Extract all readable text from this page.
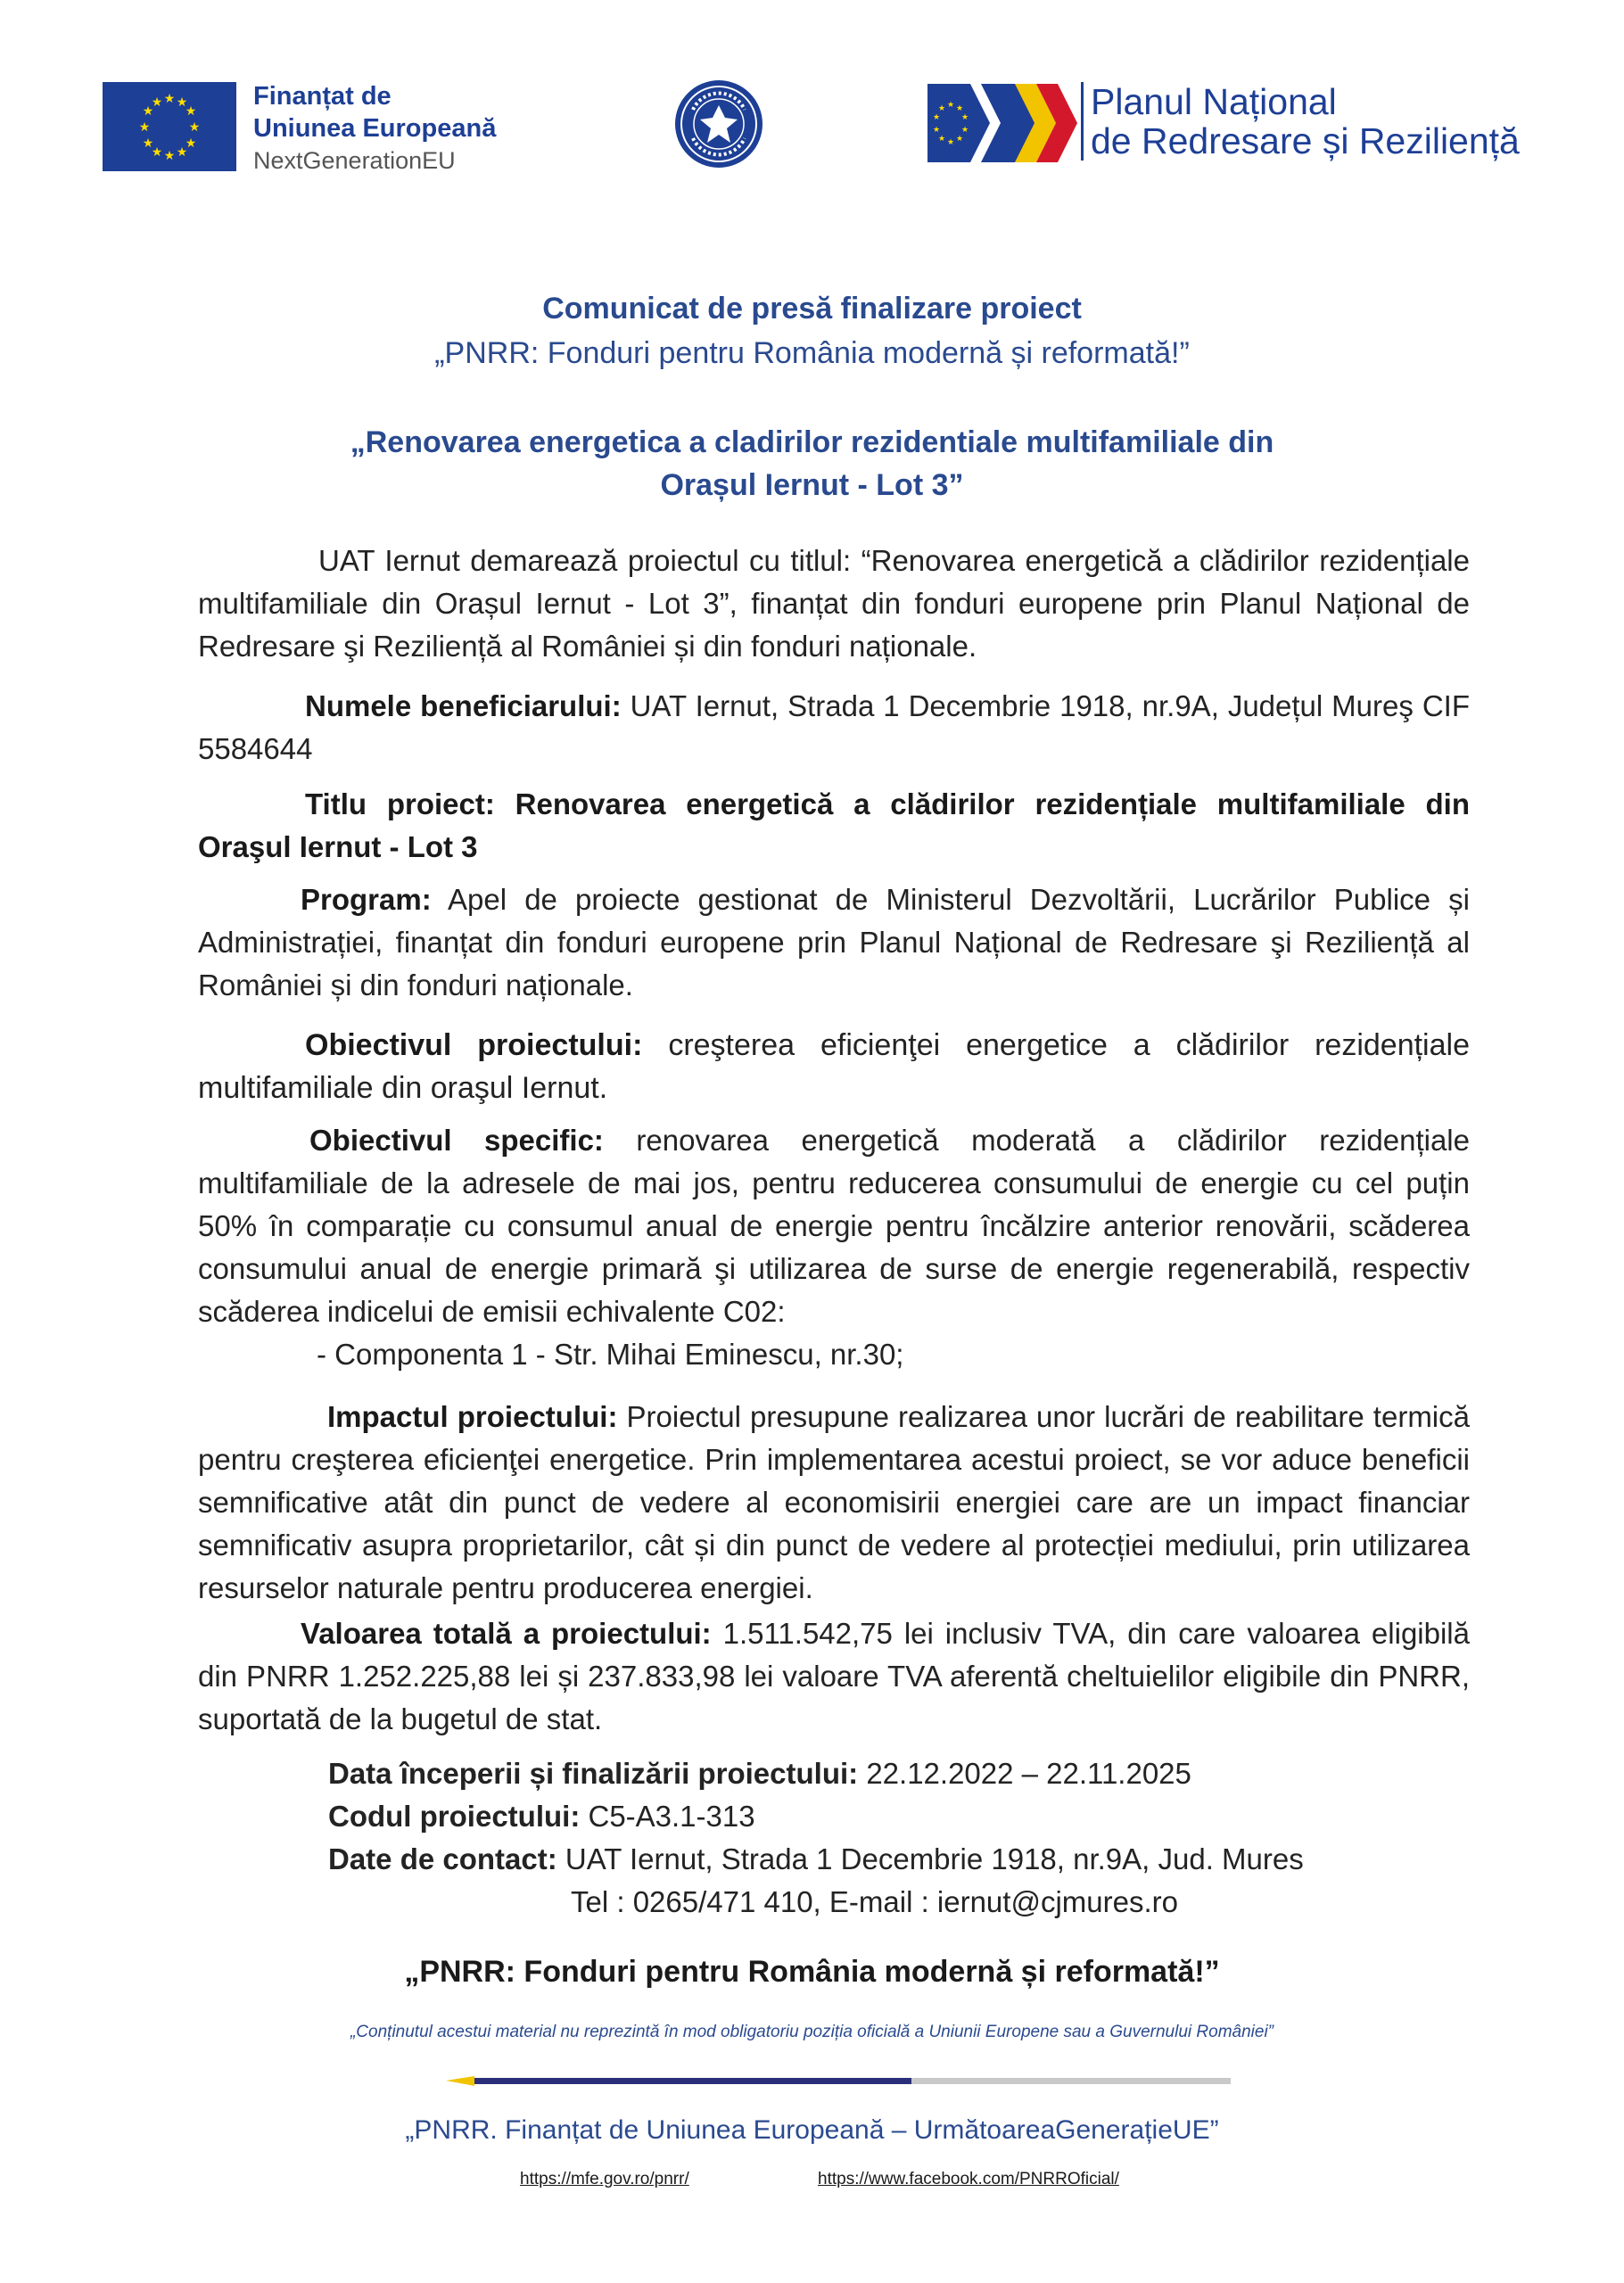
★ ★
★
★
★
★
★
★
★
★
★
★	Finanțat de
Uniunea Europeană
NextGenerationEU
★ ★
★
★
★
★
★
★
★
★	Planul Național
de Redresare și Reziliență
Comunicat de presă finalizare proiect
„PNRR: Fonduri pentru România modernă și reformată!”
„Renovarea energetica a cladirilor rezidentiale multifamiliale din
Orașul Iernut - Lot 3”
UAT Iernut demarează proiectul cu titlul: “Renovarea energetică a clădirilor rezidențiale multifamiliale din Orașul Iernut - Lot 3”, finanțat din fonduri europene prin Planul Național de Redresare şi Reziliență al României și din fonduri naționale.
Numele beneficiarului: UAT Iernut, Strada 1 Decembrie 1918, nr.9A, Județul Mureş CIF 5584644
Titlu proiect: Renovarea energetică a clădirilor rezidențiale multifamiliale din Oraşul Iernut - Lot 3
Program: Apel de proiecte gestionat de Ministerul Dezvoltării, Lucrărilor Publice și Administrației, finanțat din fonduri europene prin Planul Național de Redresare şi Reziliență al României și din fonduri naționale.
Obiectivul proiectului: creşterea eficienţei energetice a clădirilor rezidențiale multifamiliale din oraşul Iernut.
Obiectivul specific: renovarea energetică moderată a clădirilor rezidențiale multifamiliale de la adresele de mai jos, pentru reducerea consumului de energie cu cel puțin 50% în comparație cu consumul anual de energie pentru încălzire anterior renovării, scăderea consumului anual de energie primară şi utilizarea de surse de energie regenerabilă, respectiv scăderea indicelui de emisii echivalente C02:
- Componenta 1 - Str. Mihai Eminescu, nr.30;
Impactul proiectului: Proiectul presupune realizarea unor lucrări de reabilitare termică pentru creşterea eficienţei energetice. Prin implementarea acestui proiect, se vor aduce beneficii semnificative atât din punct de vedere al economisirii energiei care are un impact financiar semnificativ asupra proprietarilor, cât și din punct de vedere al protecției mediului, prin utilizarea resurselor naturale pentru producerea energiei.
Valoarea totală a proiectului: 1.511.542,75 lei inclusiv TVA, din care valoarea eligibilă din PNRR 1.252.225,88 lei și 237.833,98 lei valoare TVA aferentă cheltuielilor eligibile din PNRR, suportată de la bugetul de stat.
Data începerii și finalizării proiectului: 22.12.2022 – 22.11.2025
Codul proiectului: C5-A3.1-313
Date de contact: UAT Iernut, Strada 1 Decembrie 1918, nr.9A, Jud. Mures
Tel : 0265/471 410, E-mail : iernut@cjmures.ro
„PNRR: Fonduri pentru România modernă și reformată!”
„Conținutul acestui material nu reprezintă în mod obligatoriu poziția oficială a Uniunii Europene sau a Guvernului României”
„PNRR. Finanțat de Uniunea Europeană – UrmătoareaGenerațieUE”
https://mfe.gov.ro/pnrr/	https://www.facebook.com/PNRROficial/
